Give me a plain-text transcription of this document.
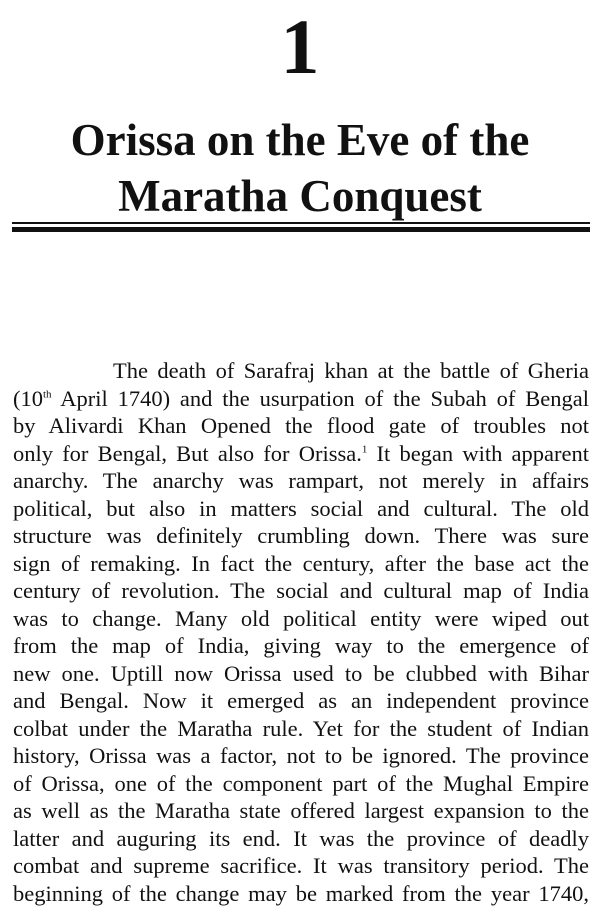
1
Orissa on the Eve of the
Maratha Conquest
The death of Sarafraj khan at the battle of Gheria
(10th April 1740) and the usurpation of the Subah of Bengal
by Alivardi Khan Opened the flood gate of troubles not
only for Bengal, But also for Orissa.$^1$ It began with apparent
anarchy. The anarchy was rampart, not merely in affairs
political, but also in matters social and cultural. The old
structure was definitely crumbling down. There was sure
sign of remaking. In fact the century, after the base act the
century of revolution. The social and cultural map of India
was to change. Many old political entity were wiped out
from the map of India, giving way to the emergence of
new one. Uptill now Orissa used to be clubbed with Bihar
and Bengal. Now it emerged as an independent province
colbat under the Maratha rule. Yet for the student of Indian
history, Orissa was a factor, not to be ignored. The province
of Orissa, one of the component part of the Mughal Empire
as well as the Maratha state offered largest expansion to the
latter and auguring its end. It was the province of deadly
combat and supreme sacrifice. It was transitory period. The
beginning of the change may be marked from the year 1740,
